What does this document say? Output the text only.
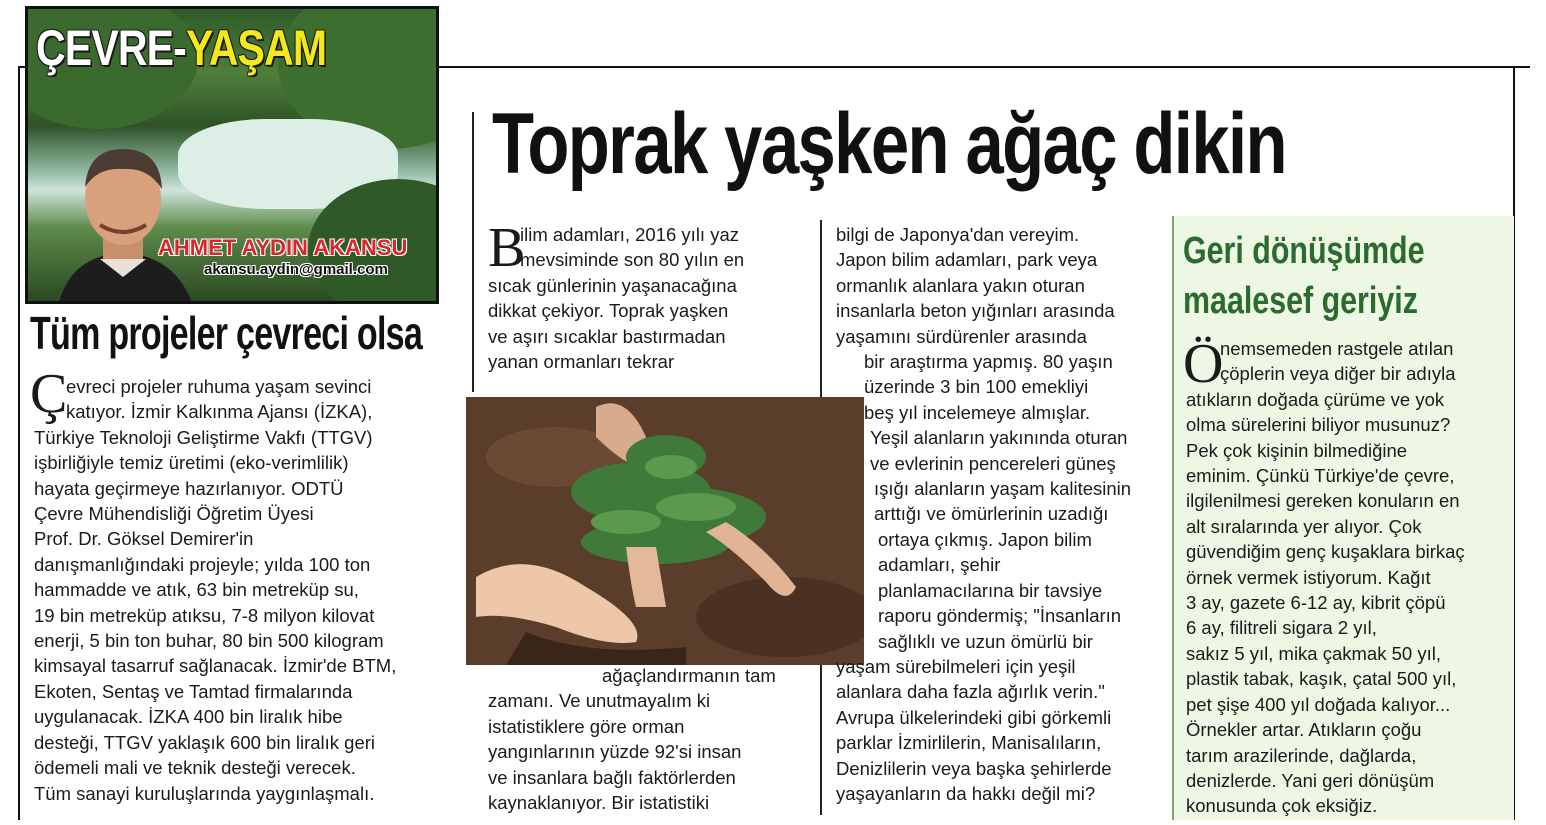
ÇEVRE-YAŞAM
AHMET AYDIN AKANSU
akansu.aydin@gmail.com
Toprak yaşken ağaç dikin
Tüm projeler çevreci olsa
Ç
evreci projeler ruhuma yaşam sevinci
katıyor. İzmir Kalkınma Ajansı (İZKA),
Türkiye Teknoloji Geliştirme Vakfı (TTGV)
işbirliğiyle temiz üretimi (eko-verimlilik)
hayata geçirmeye hazırlanıyor. ODTÜ
Çevre Mühendisliği Öğretim Üyesi
Prof. Dr. Göksel Demirer'in
danışmanlığındaki projeyle; yılda 100 ton
hammadde ve atık, 63 bin metreküp su,
19 bin metreküp atıksu, 7-8 milyon kilovat
enerji, 5 bin ton buhar, 80 bin 500 kilogram
kimsayal tasarruf sağlanacak. İzmir'de BTM,
Ekoten, Sentaş ve Tamtad firmalarında
uygulanacak. İZKA 400 bin liralık hibe
desteği, TTGV yaklaşık 600 bin liralık geri
ödemeli mali ve teknik desteği verecek.
Tüm sanayi kuruluşlarında yaygınlaşmalı.
B
ilim adamları, 2016 yılı yaz
mevsiminde son 80 yılın en
sıcak günlerinin yaşanacağına
dikkat çekiyor. Toprak yaşken
ve aşırı sıcaklar bastırmadan
yanan ormanları tekrar
ağaçlandırmanın tam
zamanı. Ve unutmayalım ki
istatistiklere göre orman
yangınlarının yüzde 92'si insan
ve insanlara bağlı faktörlerden
kaynaklanıyor. Bir istatistiki
bilgi de Japonya'dan vereyim.
Japon bilim adamları, park veya
ormanlık alanlara yakın oturan
insanlarla beton yığınları arasında
yaşamını sürdürenler arasında
bir araştırma yapmış. 80 yaşın
üzerinde 3 bin 100 emekliyi
beş yıl incelemeye almışlar.
Yeşil alanların yakınında oturan
ve evlerinin pencereleri güneş
ışığı alanların yaşam kalitesinin
arttığı ve ömürlerinin uzadığı
ortaya çıkmış. Japon bilim
adamları, şehir
planlamacılarına bir tavsiye
raporu göndermiş; "İnsanların
sağlıklı ve uzun ömürlü bir
yaşam sürebilmeleri için yeşil
alanlara daha fazla ağırlık verin."
Avrupa ülkelerindeki gibi görkemli
parklar İzmirlilerin, Manisalıların,
Denizlilerin veya başka şehirlerde
yaşayanların da hakkı değil mi?
Geri dönüşümde
maalesef geriyiz
Ö
nemsemeden rastgele atılan
çöplerin veya diğer bir adıyla
atıkların doğada çürüme ve yok
olma sürelerini biliyor musunuz?
Pek çok kişinin bilmediğine
eminim. Çünkü Türkiye'de çevre,
ilgilenilmesi gereken konuların en
alt sıralarında yer alıyor. Çok
güvendiğim genç kuşaklara birkaç
örnek vermek istiyorum. Kağıt
3 ay, gazete 6-12 ay, kibrit çöpü
6 ay, filitreli sigara 2 yıl,
sakız 5 yıl, mika çakmak 50 yıl,
plastik tabak, kaşık, çatal 500 yıl,
pet şişe 400 yıl doğada kalıyor...
Örnekler artar. Atıkların çoğu
tarım arazilerinde, dağlarda,
denizlerde. Yani geri dönüşüm
konusunda çok eksiğiz.
